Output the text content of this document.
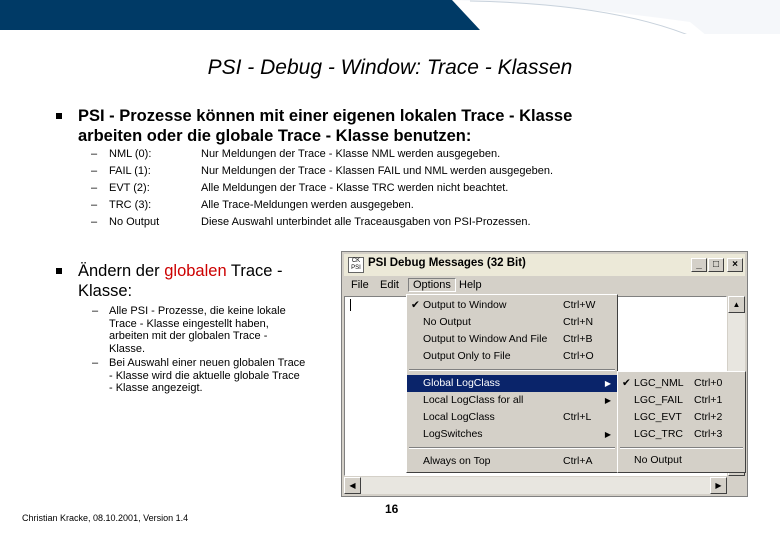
PSI - Debug - Window: Trace - Klassen
PSI - Prozesse können mit einer eigenen lokalen Trace - Klasse arbeiten oder die globale Trace - Klasse benutzen:
–	NML (0):	Nur Meldungen der Trace - Klasse NML werden ausgegeben.
–	FAIL (1):	Nur Meldungen der Trace - Klassen FAIL und NML werden ausgegeben.
–	EVT (2):	Alle Meldungen der Trace - Klasse TRC werden nicht beachtet.
–	TRC (3):	Alle Trace-Meldungen werden ausgegeben.
–	No Output	Diese Auswahl unterbindet alle Traceausgaben von PSI-Prozessen.
Ändern der globalen Trace - Klasse:
– Alle PSI - Prozesse, die keine lokale Trace - Klasse eingestellt haben, arbeiten mit der globalen Trace - Klasse.
– Bei Auswahl einer neuen globalen Trace - Klasse wird die aktuelle globale Trace - Klasse angezeigt.
Christian Kracke, 08.10.2001, Version 1.4
16
CK PSI PSI Debug Messages (32 Bit)	_	□	×
File Edit	Options Help
▲
◀	▶
✔ Output to Window	Ctrl+W
No Output	Ctrl+N
Output to Window And File Ctrl+B
Output Only to File	Ctrl+O
Global LogClass	▶
Local LogClass for all	▶
Local LogClass	Ctrl+L
LogSwitches	▶
Always on Top	Ctrl+A
✔ LGC_NML Ctrl+0
LGC_FAIL Ctrl+1
LGC_EVT Ctrl+2
LGC_TRC Ctrl+3
No Output
